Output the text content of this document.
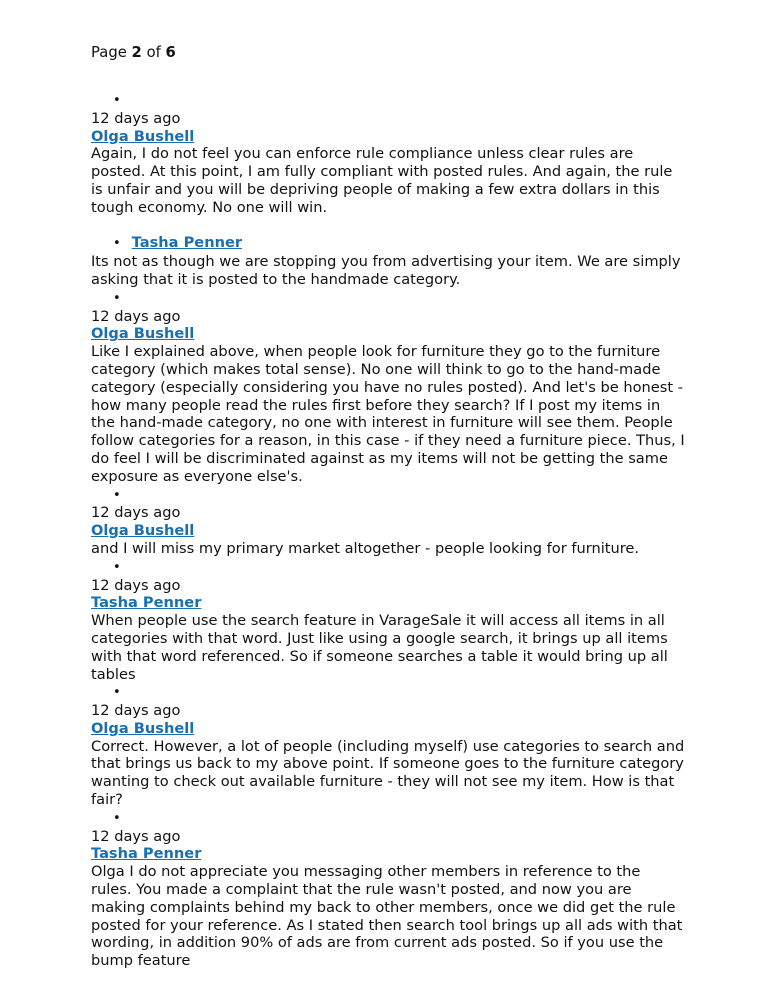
Page 2 of 6
•
12 days ago
Olga Bushell

Again, I do not feel you can enforce rule compliance unless clear rules are posted. At this point, I am fully compliant with posted rules. And again, the rule is unfair and you will be depriving people of making a few extra dollars in this tough economy. No one will win.

• Tasha Penner

Its not as though we are stopping you from advertising your item. We are simply asking that it is posted to the handmade category.

•
12 days ago
Olga Bushell

Like I explained above, when people look for furniture they go to the furniture category (which makes total sense). No one will think to go to the hand-made category (especially considering you have no rules posted). And let's be honest - how many people read the rules first before they search? If I post my items in the hand-made category, no one with interest in furniture will see them. People follow categories for a reason, in this case - if they need a furniture piece. Thus, I do feel I will be discriminated against as my items will not be getting the same exposure as everyone else's.

•
12 days ago
Olga Bushell

and I will miss my primary market altogether - people looking for furniture.

•
12 days ago
Tasha Penner

When people use the search feature in VarageSale it will access all items in all categories with that word. Just like using a google search, it brings up all items with that word referenced. So if someone searches a table it would bring up all tables

•
12 days ago
Olga Bushell

Correct. However, a lot of people (including myself) use categories to search and that brings us back to my above point. If someone goes to the furniture category wanting to check out available furniture - they will not see my item. How is that fair?

•
12 days ago
Tasha Penner

Olga I do not appreciate you messaging other members in reference to the rules. You made a complaint that the rule wasn't posted, and now you are making complaints behind my back to other members, once we did get the rule posted for your reference. As I stated then search tool brings up all ads with that wording, in addition 90% of ads are from current ads posted. So if you use the bump feature
